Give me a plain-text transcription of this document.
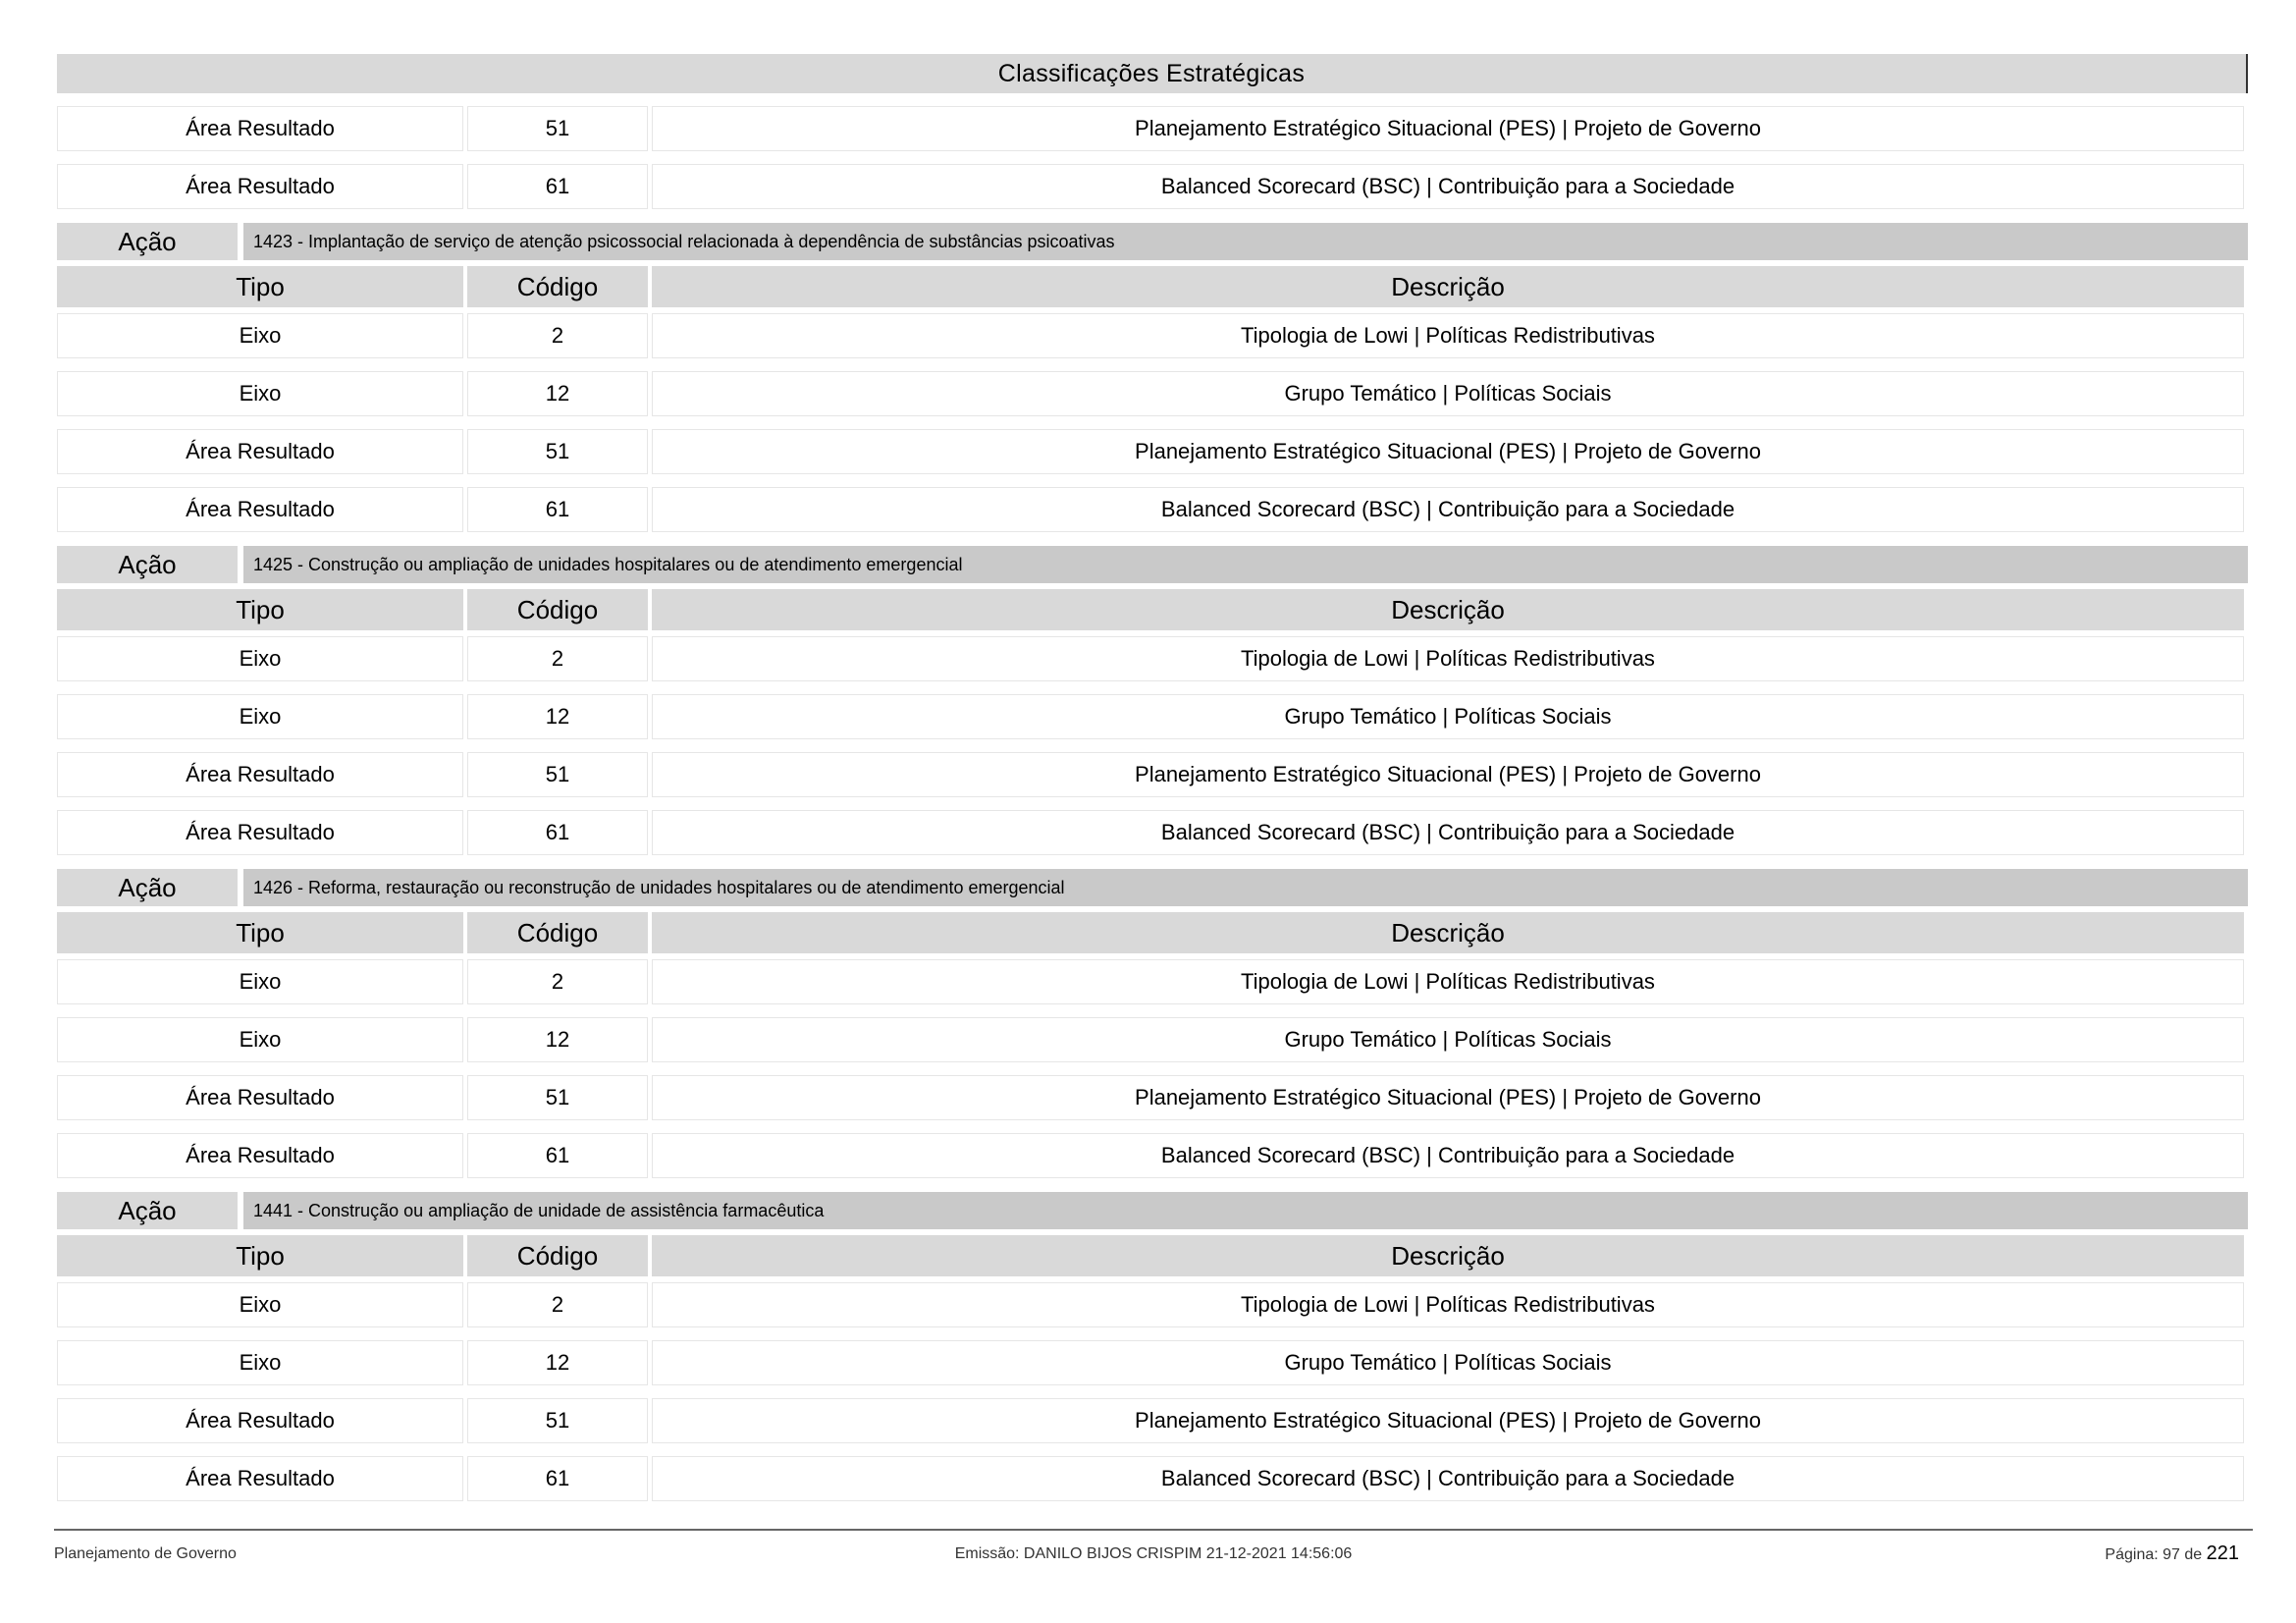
Classificações Estratégicas
Área Resultado	51	Planejamento Estratégico Situacional (PES) | Projeto de Governo
Área Resultado	61	Balanced Scorecard (BSC) | Contribuição para a Sociedade
Ação	1423 - Implantação de serviço de atenção psicossocial relacionada à dependência de substâncias psicoativas
Tipo	Código	Descrição
Eixo	2	Tipologia de Lowi | Políticas Redistributivas
Eixo	12	Grupo Temático | Políticas Sociais
Área Resultado	51	Planejamento Estratégico Situacional (PES) | Projeto de Governo
Área Resultado	61	Balanced Scorecard (BSC) | Contribuição para a Sociedade
Ação	1425 - Construção ou ampliação de unidades hospitalares ou de atendimento emergencial
Tipo	Código	Descrição
Eixo	2	Tipologia de Lowi | Políticas Redistributivas
Eixo	12	Grupo Temático | Políticas Sociais
Área Resultado	51	Planejamento Estratégico Situacional (PES) | Projeto de Governo
Área Resultado	61	Balanced Scorecard (BSC) | Contribuição para a Sociedade
Ação	1426 - Reforma, restauração ou reconstrução de unidades hospitalares ou de atendimento emergencial
Tipo	Código	Descrição
Eixo	2	Tipologia de Lowi | Políticas Redistributivas
Eixo	12	Grupo Temático | Políticas Sociais
Área Resultado	51	Planejamento Estratégico Situacional (PES) | Projeto de Governo
Área Resultado	61	Balanced Scorecard (BSC) | Contribuição para a Sociedade
Ação	1441 - Construção ou ampliação de unidade de assistência farmacêutica
Tipo	Código	Descrição
Eixo	2	Tipologia de Lowi | Políticas Redistributivas
Eixo	12	Grupo Temático | Políticas Sociais
Área Resultado	51	Planejamento Estratégico Situacional (PES) | Projeto de Governo
Área Resultado	61	Balanced Scorecard (BSC) | Contribuição para a Sociedade
Planejamento de Governo	Emissão: DANILO BIJOS CRISPIM 21-12-2021 14:56:06	Página: 97 de 221
